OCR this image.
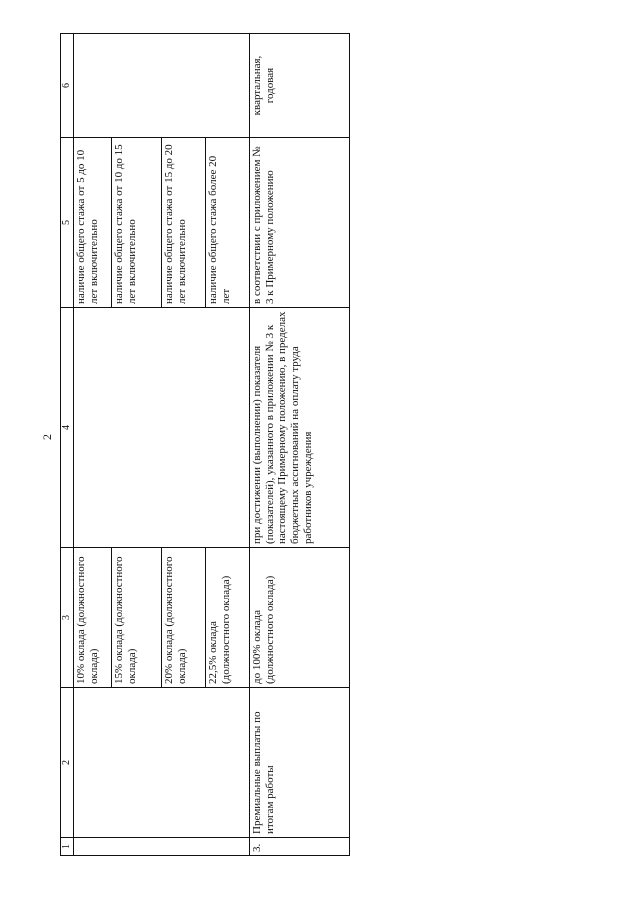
2
1	2	3	4	5	6
		10% оклада (должностного оклада)		наличие общего стажа от 5 до 10 лет включительно	
		15% оклада (должностного оклада)		наличие общего стажа от 10 до 15 лет включительно	
		20% оклада (должностного оклада)		наличие общего стажа от 15 до 20 лет включительно	
		22,5% оклада (должностного оклада)		наличие общего стажа более 20 лет	
3.	Премиальные выплаты по итогам работы	до 100% оклада (должностного оклада)	при достижении (выполнении) показателя (показателей), указанного в приложении № 3 к настоящему Примерному положению, в пределах бюджетных ассигнований на оплату труда работников учреждения	в соответствии с приложением № 3 к Примерному положению	квартальная, годовая
